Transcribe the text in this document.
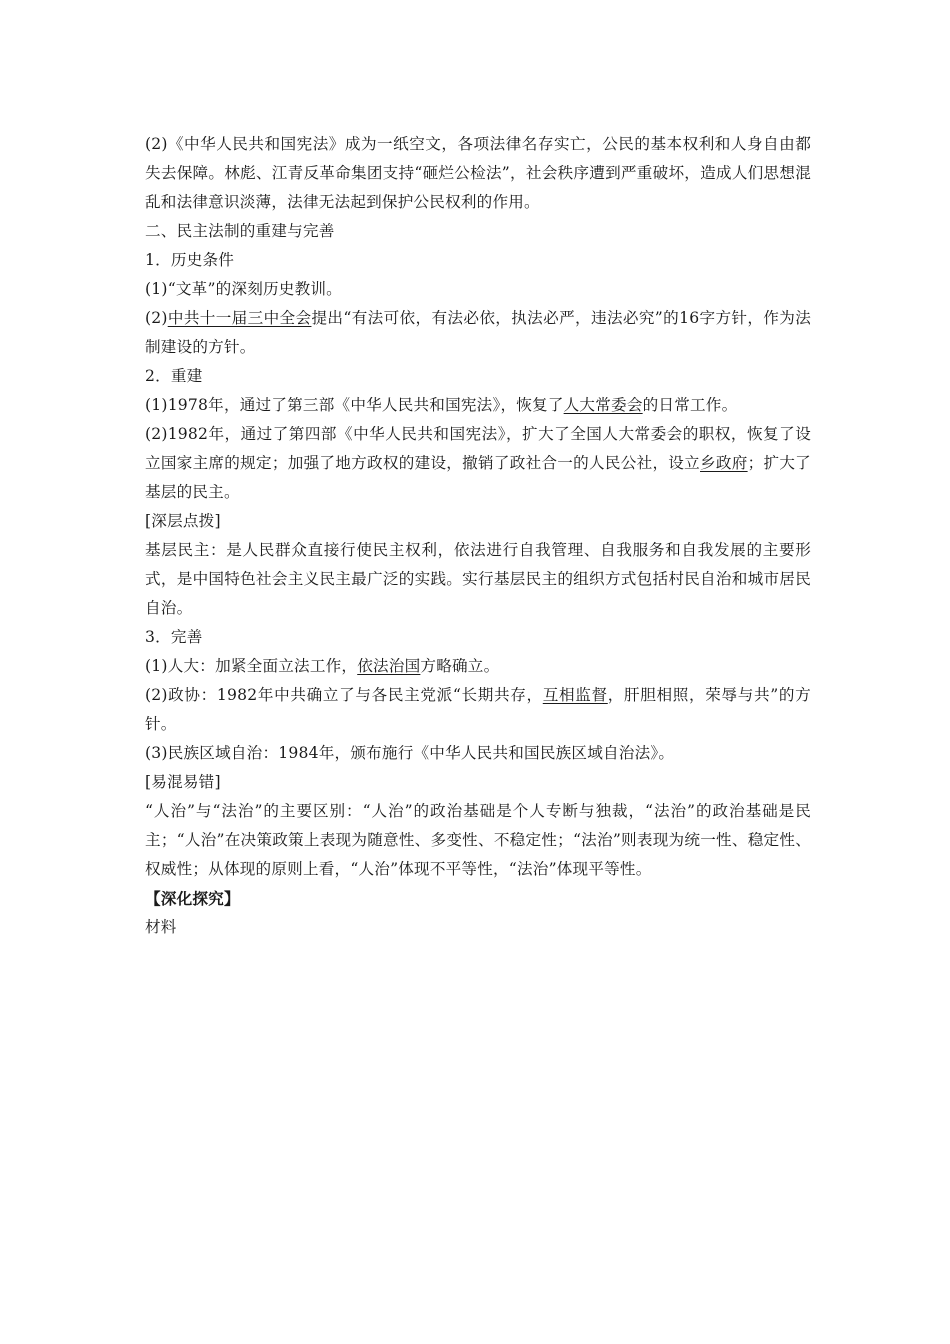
(2)《中华人民共和国宪法》成为一纸空文，各项法律名存实亡，公民的基本权利和人身自由都失去保障。林彪、江青反革命集团支持“砸烂公检法”，社会秩序遭到严重破坏，造成人们思想混乱和法律意识淡薄，法律无法起到保护公民权利的作用。

二、民主法制的重建与完善

1．历史条件

(1)“文革”的深刻历史教训。

(2)中共十一届三中全会提出“有法可依，有法必依，执法必严，违法必究”的16字方针，作为法制建设的方针。

2．重建

(1)1978年，通过了第三部《中华人民共和国宪法》，恢复了人大常委会的日常工作。

(2)1982年，通过了第四部《中华人民共和国宪法》，扩大了全国人大常委会的职权，恢复了设立国家主席的规定；加强了地方政权的建设，撤销了政社合一的人民公社，设立乡政府；扩大了基层的民主。

[深层点拨]

基层民主：是人民群众直接行使民主权利，依法进行自我管理、自我服务和自我发展的主要形式，是中国特色社会主义民主最广泛的实践。实行基层民主的组织方式包括村民自治和城市居民自治。

3．完善

(1)人大：加紧全面立法工作，依法治国方略确立。

(2)政协：1982年中共确立了与各民主党派“长期共存，互相监督，肝胆相照，荣辱与共”的方针。

(3)民族区域自治：1984年，颁布施行《中华人民共和国民族区域自治法》。

[易混易错]

“人治”与“法治”的主要区别：“人治”的政治基础是个人专断与独裁，“法治”的政治基础是民主；“人治”在决策政策上表现为随意性、多变性、不稳定性；“法治”则表现为统一性、稳定性、权威性；从体现的原则上看，“人治”体现不平等性，“法治”体现平等性。

【深化探究】

材料
